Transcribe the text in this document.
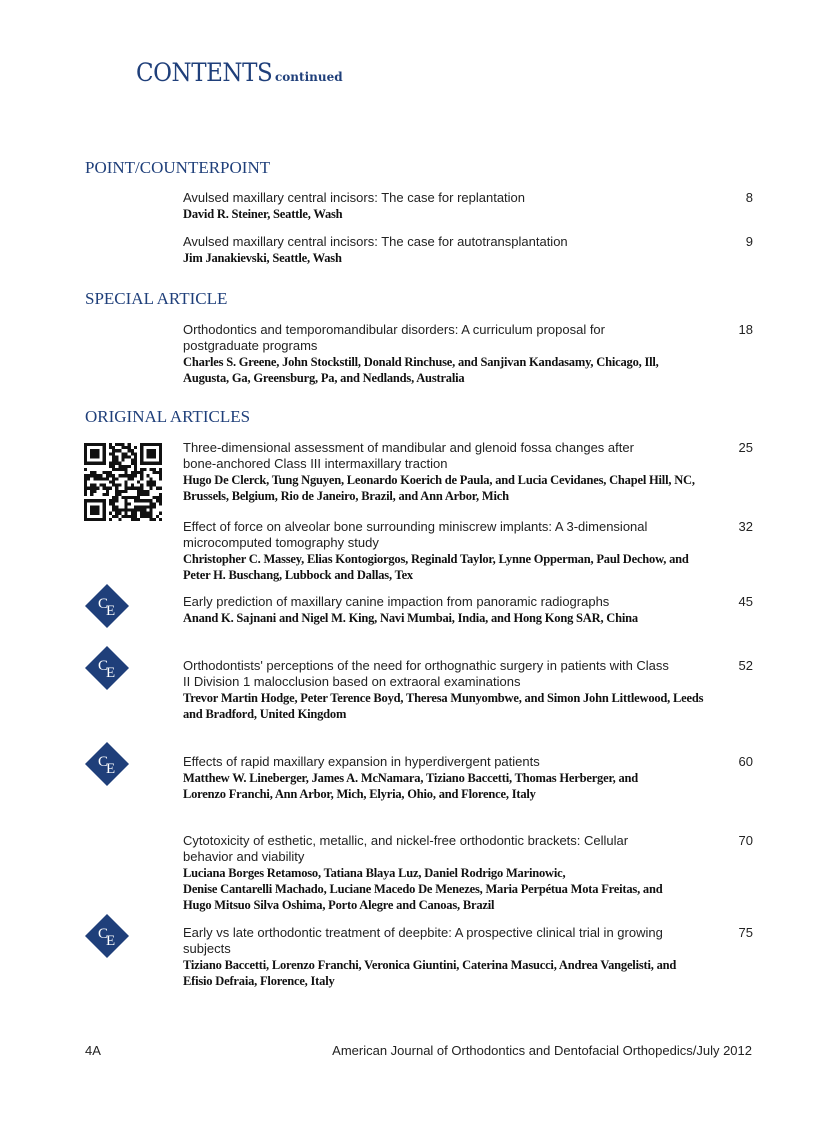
CONTENTS continued
POINT/COUNTERPOINT
SPECIAL ARTICLE
ORIGINAL ARTICLES
Avulsed maxillary central incisors: The case for replantation
David R. Steiner, Seattle, Wash
8
Avulsed maxillary central incisors: The case for autotransplantation
Jim Janakievski, Seattle, Wash
9
Orthodontics and temporomandibular disorders: A curriculum proposal for
postgraduate programs
Charles S. Greene, John Stockstill, Donald Rinchuse, and Sanjivan Kandasamy, Chicago, Ill,
Augusta, Ga, Greensburg, Pa, and Nedlands, Australia
18
Three-dimensional assessment of mandibular and glenoid fossa changes after
bone-anchored Class III intermaxillary traction
Hugo De Clerck, Tung Nguyen, Leonardo Koerich de Paula, and Lucia Cevidanes, Chapel Hill, NC,
Brussels, Belgium, Rio de Janeiro, Brazil, and Ann Arbor, Mich
25
Effect of force on alveolar bone surrounding miniscrew implants: A 3-dimensional
microcomputed tomography study
Christopher C. Massey, Elias Kontogiorgos, Reginald Taylor, Lynne Opperman, Paul Dechow, and
Peter H. Buschang, Lubbock and Dallas, Tex
32
Early prediction of maxillary canine impaction from panoramic radiographs
Anand K. Sajnani and Nigel M. King, Navi Mumbai, India, and Hong Kong SAR, China
45
Orthodontists' perceptions of the need for orthognathic surgery in patients with Class
II Division 1 malocclusion based on extraoral examinations
Trevor Martin Hodge, Peter Terence Boyd, Theresa Munyombwe, and Simon John Littlewood, Leeds
and Bradford, United Kingdom
52
Effects of rapid maxillary expansion in hyperdivergent patients
Matthew W. Lineberger, James A. McNamara, Tiziano Baccetti, Thomas Herberger, and
Lorenzo Franchi, Ann Arbor, Mich, Elyria, Ohio, and Florence, Italy
60
Cytotoxicity of esthetic, metallic, and nickel-free orthodontic brackets: Cellular
behavior and viability
Luciana Borges Retamoso, Tatiana Blaya Luz, Daniel Rodrigo Marinowic,
Denise Cantarelli Machado, Luciane Macedo De Menezes, Maria Perpétua Mota Freitas, and
Hugo Mitsuo Silva Oshima, Porto Alegre and Canoas, Brazil
70
Early vs late orthodontic treatment of deepbite: A prospective clinical trial in growing
subjects
Tiziano Baccetti, Lorenzo Franchi, Veronica Giuntini, Caterina Masucci, Andrea Vangelisti, and
Efisio Defraia, Florence, Italy
75
C
E
C
E
C
E
C
E
4A	American Journal of Orthodontics and Dentofacial Orthopedics/July 2012
